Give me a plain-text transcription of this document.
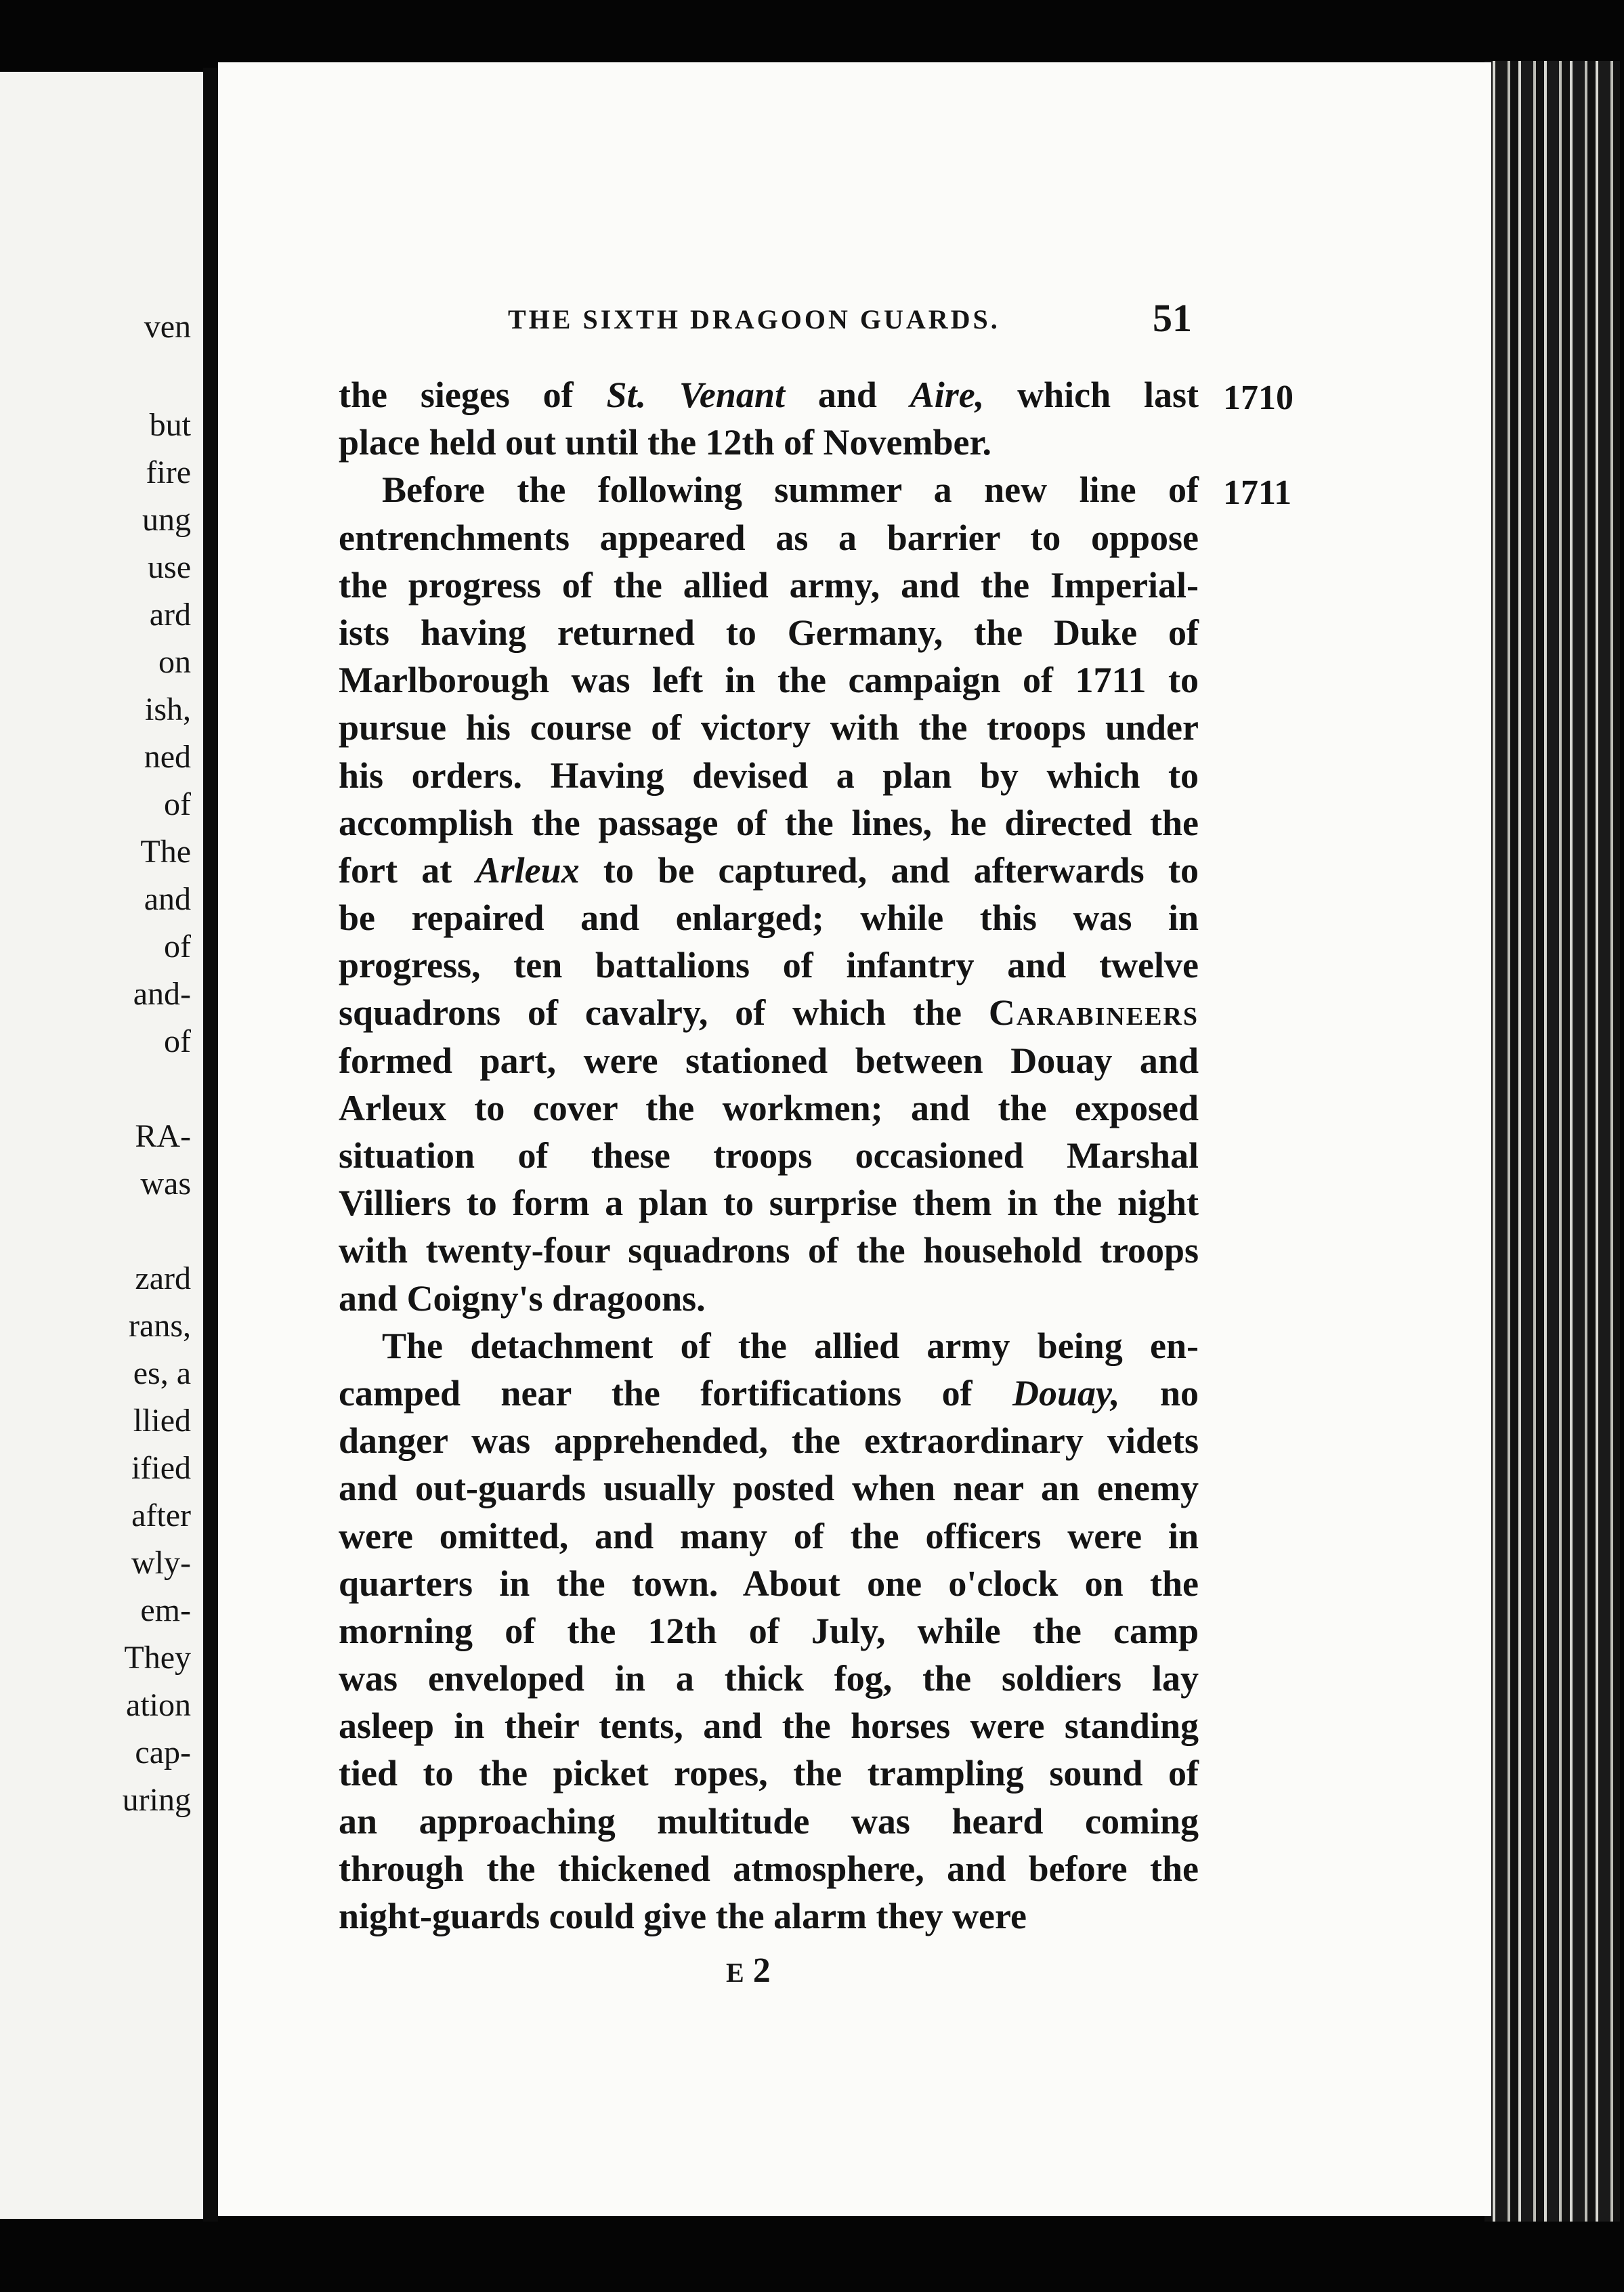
ven
but
fire
ung
use
ard
on
ish,
ned
of
The
and
of
and-
of
RA-
was
zard
rans,
es, a
llied
ified
after
wly-
em-
They
ation
cap-
uring
THE SIXTH DRAGOON GUARDS.	51
1710
1711
the sieges of St. Venant and Aire, which last
place held out until the 12th of November.
Before the following summer a new line of
entrenchments appeared as a barrier to oppose
the progress of the allied army, and the Imperial-
ists having returned to Germany, the Duke of
Marlborough was left in the campaign of 1711 to
pursue his course of victory with the troops under
his orders. Having devised a plan by which to
accomplish the passage of the lines, he directed the
fort at Arleux to be captured, and afterwards to
be repaired and enlarged; while this was in
progress, ten battalions of infantry and twelve
squadrons of cavalry, of which the Carabineers
formed part, were stationed between Douay and
Arleux to cover the workmen; and the exposed
situation of these troops occasioned Marshal
Villiers to form a plan to surprise them in the night
with twenty-four squadrons of the household troops
and Coigny's dragoons.
The detachment of the allied army being en-
camped near the fortifications of Douay, no
danger was apprehended, the extraordinary videts
and out-guards usually posted when near an enemy
were omitted, and many of the officers were in
quarters in the town. About one o'clock on the
morning of the 12th of July, while the camp
was enveloped in a thick fog, the soldiers lay
asleep in their tents, and the horses were standing
tied to the picket ropes, the trampling sound of
an approaching multitude was heard coming
through the thickened atmosphere, and before the
night-guards could give the alarm they were
E 2
